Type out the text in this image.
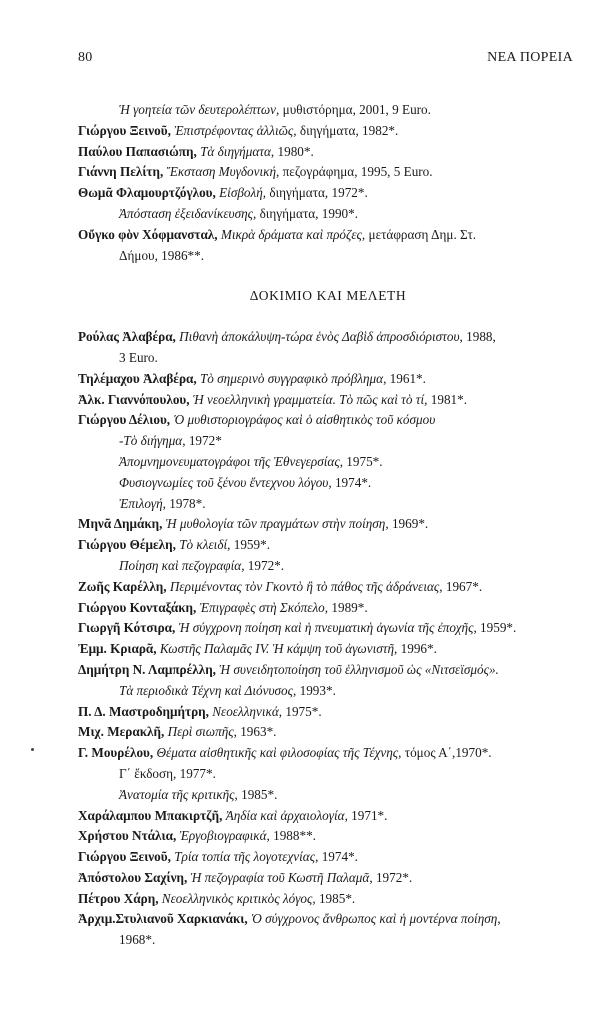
80	ΝΕΑ ΠΟΡΕΙΑ
Ἡ γοητεία τῶν δευτερολέπτων, μυθιστόρημα, 2001, 9 Euro.
Γιώργου Ξεινοῦ, Ἐπιστρέφοντας ἀλλιῶς, διηγήματα, 1982*.
Παύλου Παπασιώπη, Τὰ διηγήματα, 1980*.
Γιάννη Πελίτη, Ἔκσταση Μυγδονική, πεζογράφημα, 1995, 5 Euro.
Θωμᾶ Φλαμουρτζόγλου, Εἰσβολή, διηγήματα, 1972*.
Ἀπόσταση ἐξειδανίκευσης, διηγήματα, 1990*.
Οὔγκο φὸν Χόφμανσταλ, Μικρὰ δράματα καὶ πρόζες, μετάφραση Δημ. Στ.
Δήμου, 1986**.
ΔΟΚΙΜΙΟ ΚΑΙ ΜΕΛΕΤΗ
Ρούλας Ἀλαβέρα, Πιθανὴ ἀποκάλυψη-τώρα ἑνὸς Δαβὶδ ἀπροσδιόριστου, 1988,
3 Euro.
Τηλέμαχου Ἀλαβέρα, Τὸ σημερινὸ συγγραφικὸ πρόβλημα, 1961*.
Ἀλκ. Γιαννόπουλου, Ἡ νεοελληνικὴ γραμματεία. Τὸ πῶς καὶ τὸ τί, 1981*.
Γιώργου Δέλιου, Ὁ μυθιστοριογράφος καὶ ὁ αἰσθητικὸς τοῦ κόσμου
-Τὸ διήγημα, 1972*
Ἀπομνημονευματογράφοι τῆς Ἐθνεγερσίας, 1975*.
Φυσιογνωμίες τοῦ ξένου ἔντεχνου λόγου, 1974*.
Ἐπιλογή, 1978*.
Μηνᾶ Δημάκη, Ἡ μυθολογία τῶν πραγμάτων στὴν ποίηση, 1969*.
Γιώργου Θέμελη, Τὸ κλειδί, 1959*.
Ποίηση καὶ πεζογραφία, 1972*.
Ζωῆς Καρέλλη, Περιμένοντας τὸν Γκοντὸ ἢ τὸ πάθος τῆς ἀδράνειας, 1967*.
Γιώργου Κονταξάκη, Ἐπιγραφὲς στὴ Σκόπελο, 1989*.
Γιωργῆ Κότσιρα, Ἡ σύγχρονη ποίηση καὶ ἡ πνευματικὴ ἀγωνία τῆς ἐποχῆς, 1959*.
Ἐμμ. Κριαρᾶ, Κωστῆς Παλαμᾶς IV. Ἡ κάμψη τοῦ ἀγωνιστῆ, 1996*.
Δημήτρη Ν. Λαμπρέλλη, Ἡ συνειδητοποίηση τοῦ ἑλληνισμοῦ ὡς «Νιτσεϊσμός».
Τὰ περιοδικὰ Τέχνη καὶ Διόνυσος, 1993*.
Π. Δ. Μαστροδημήτρη, Νεοελληνικά, 1975*.
Μιχ. Μερακλῆ, Περὶ σιωπῆς, 1963*.
Γ. Μουρέλου, Θέματα αἰσθητικῆς καὶ φιλοσοφίας τῆς Τέχνης, τόμος Α΄,1970*.
Γ΄ ἔκδοση, 1977*.
Ἀνατομία τῆς κριτικῆς, 1985*.
Χαράλαμπου Μπακιρτζῆ, Ἀηδία καὶ ἀρχαιολογία, 1971*.
Χρήστου Ντάλια, Ἐργοβιογραφικά, 1988**.
Γιώργου Ξεινοῦ, Τρία τοπία τῆς λογοτεχνίας, 1974*.
Ἀπόστολου Σαχίνη, Ἡ πεζογραφία τοῦ Κωστῆ Παλαμᾶ, 1972*.
Πέτρου Χάρη, Νεοελληνικὸς κριτικὸς λόγος, 1985*.
Ἀρχιμ.Στυλιανοῦ Χαρκιανάκι, Ὁ σύγχρονος ἄνθρωπος καὶ ἡ μοντέρνα ποίηση,
1968*.
